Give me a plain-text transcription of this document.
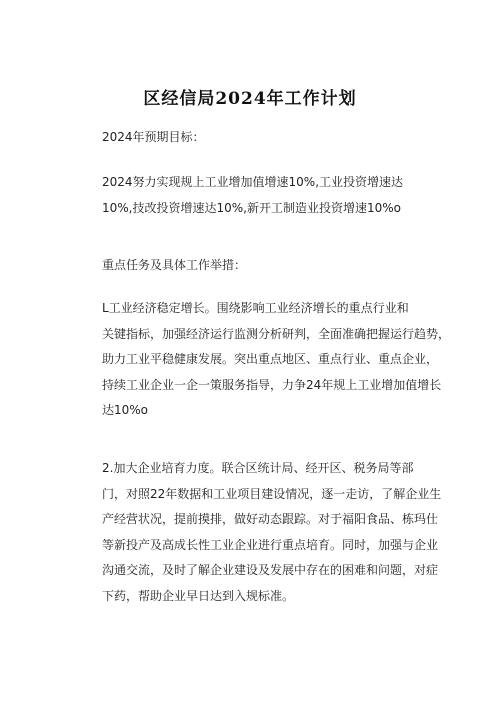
区经信局2024年工作计划
2024年预期目标：
2024努力实现规上工业增加值增速10%,工业投资增速达
10%,技改投资增速达10%,新开工制造业投资增速10%o
重点任务及具体工作举措：
L工业经济稳定增长。围绕影响工业经济增长的重点行业和
关键指标，加强经济运行监测分析研判，全面准确把握运行趋势，
助力工业平稳健康发展。突出重点地区、重点行业、重点企业，
持续工业企业一企一策服务指导，力争24年规上工业增加值增长
达10%o
2.加大企业培育力度。联合区统计局、经开区、税务局等部
门，对照22年数据和工业项目建设情况，逐一走访，了解企业生
产经营状况，提前摸排，做好动态跟踪。对于福阳食品、栋玛仕
等新投产及高成长性工业企业进行重点培育。同时，加强与企业
沟通交流，及时了解企业建设及发展中存在的困难和问题，对症
下药，帮助企业早日达到入规标准。
